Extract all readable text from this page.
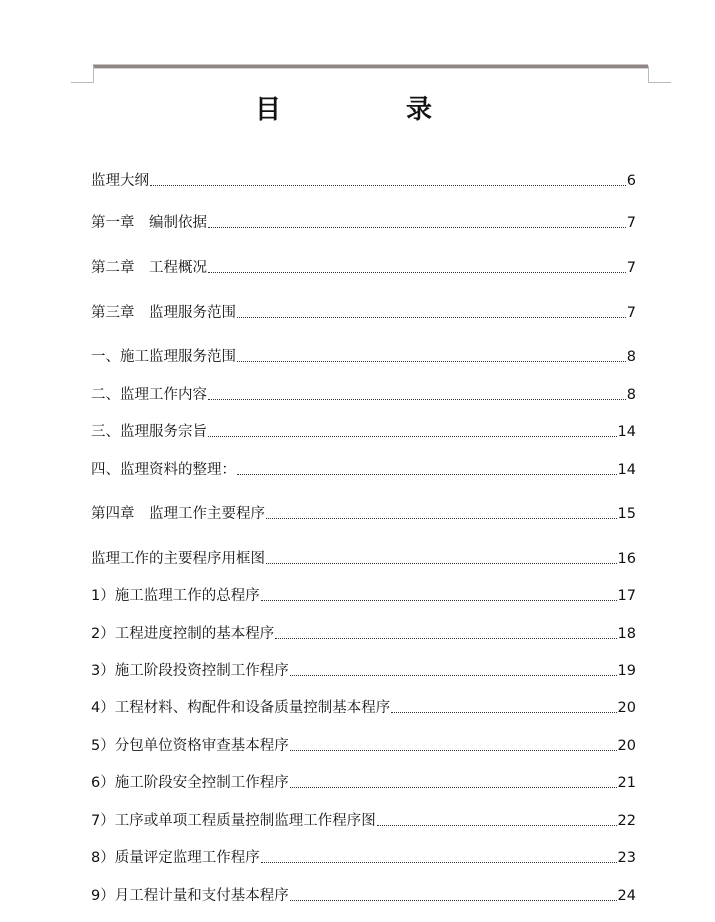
目 录
监理大纲	6
第一章　编制依据	7
第二章　工程概况	7
第三章　监理服务范围	7
一、施工监理服务范围	8
二、监理工作内容	8
三、监理服务宗旨	14
四、监理资料的整理：	14
第四章　监理工作主要程序	15
监理工作的主要程序用框图	16
1）施工监理工作的总程序	17
2）工程进度控制的基本程序	18
3）施工阶段投资控制工作程序	19
4）工程材料、构配件和设备质量控制基本程序	20
5）分包单位资格审查基本程序	20
6）施工阶段安全控制工作程序	21
7）工序或单项工程质量控制监理工作程序图	22
8）质量评定监理工作程序	23
9）月工程计量和支付基本程序	24
